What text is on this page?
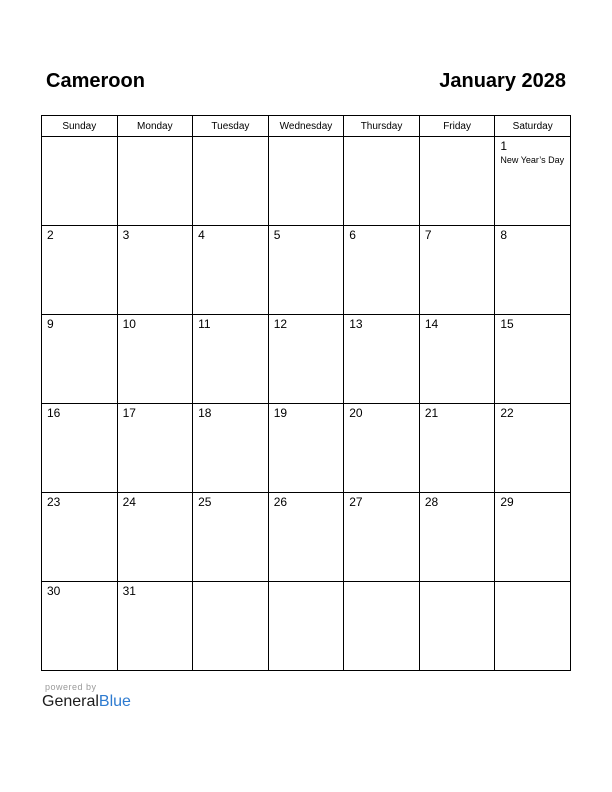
Cameroon	January 2028
Sunday	Monday	Tuesday	Wednesday	Thursday	Friday	Saturday

						1
New Year’s Day

2	3	4	5	6	7	8

9	10	11	12	13	14	15

16	17	18	19	20	21	22

23	24	25	26	27	28	29

30	31					

powered by
GeneralBlue
